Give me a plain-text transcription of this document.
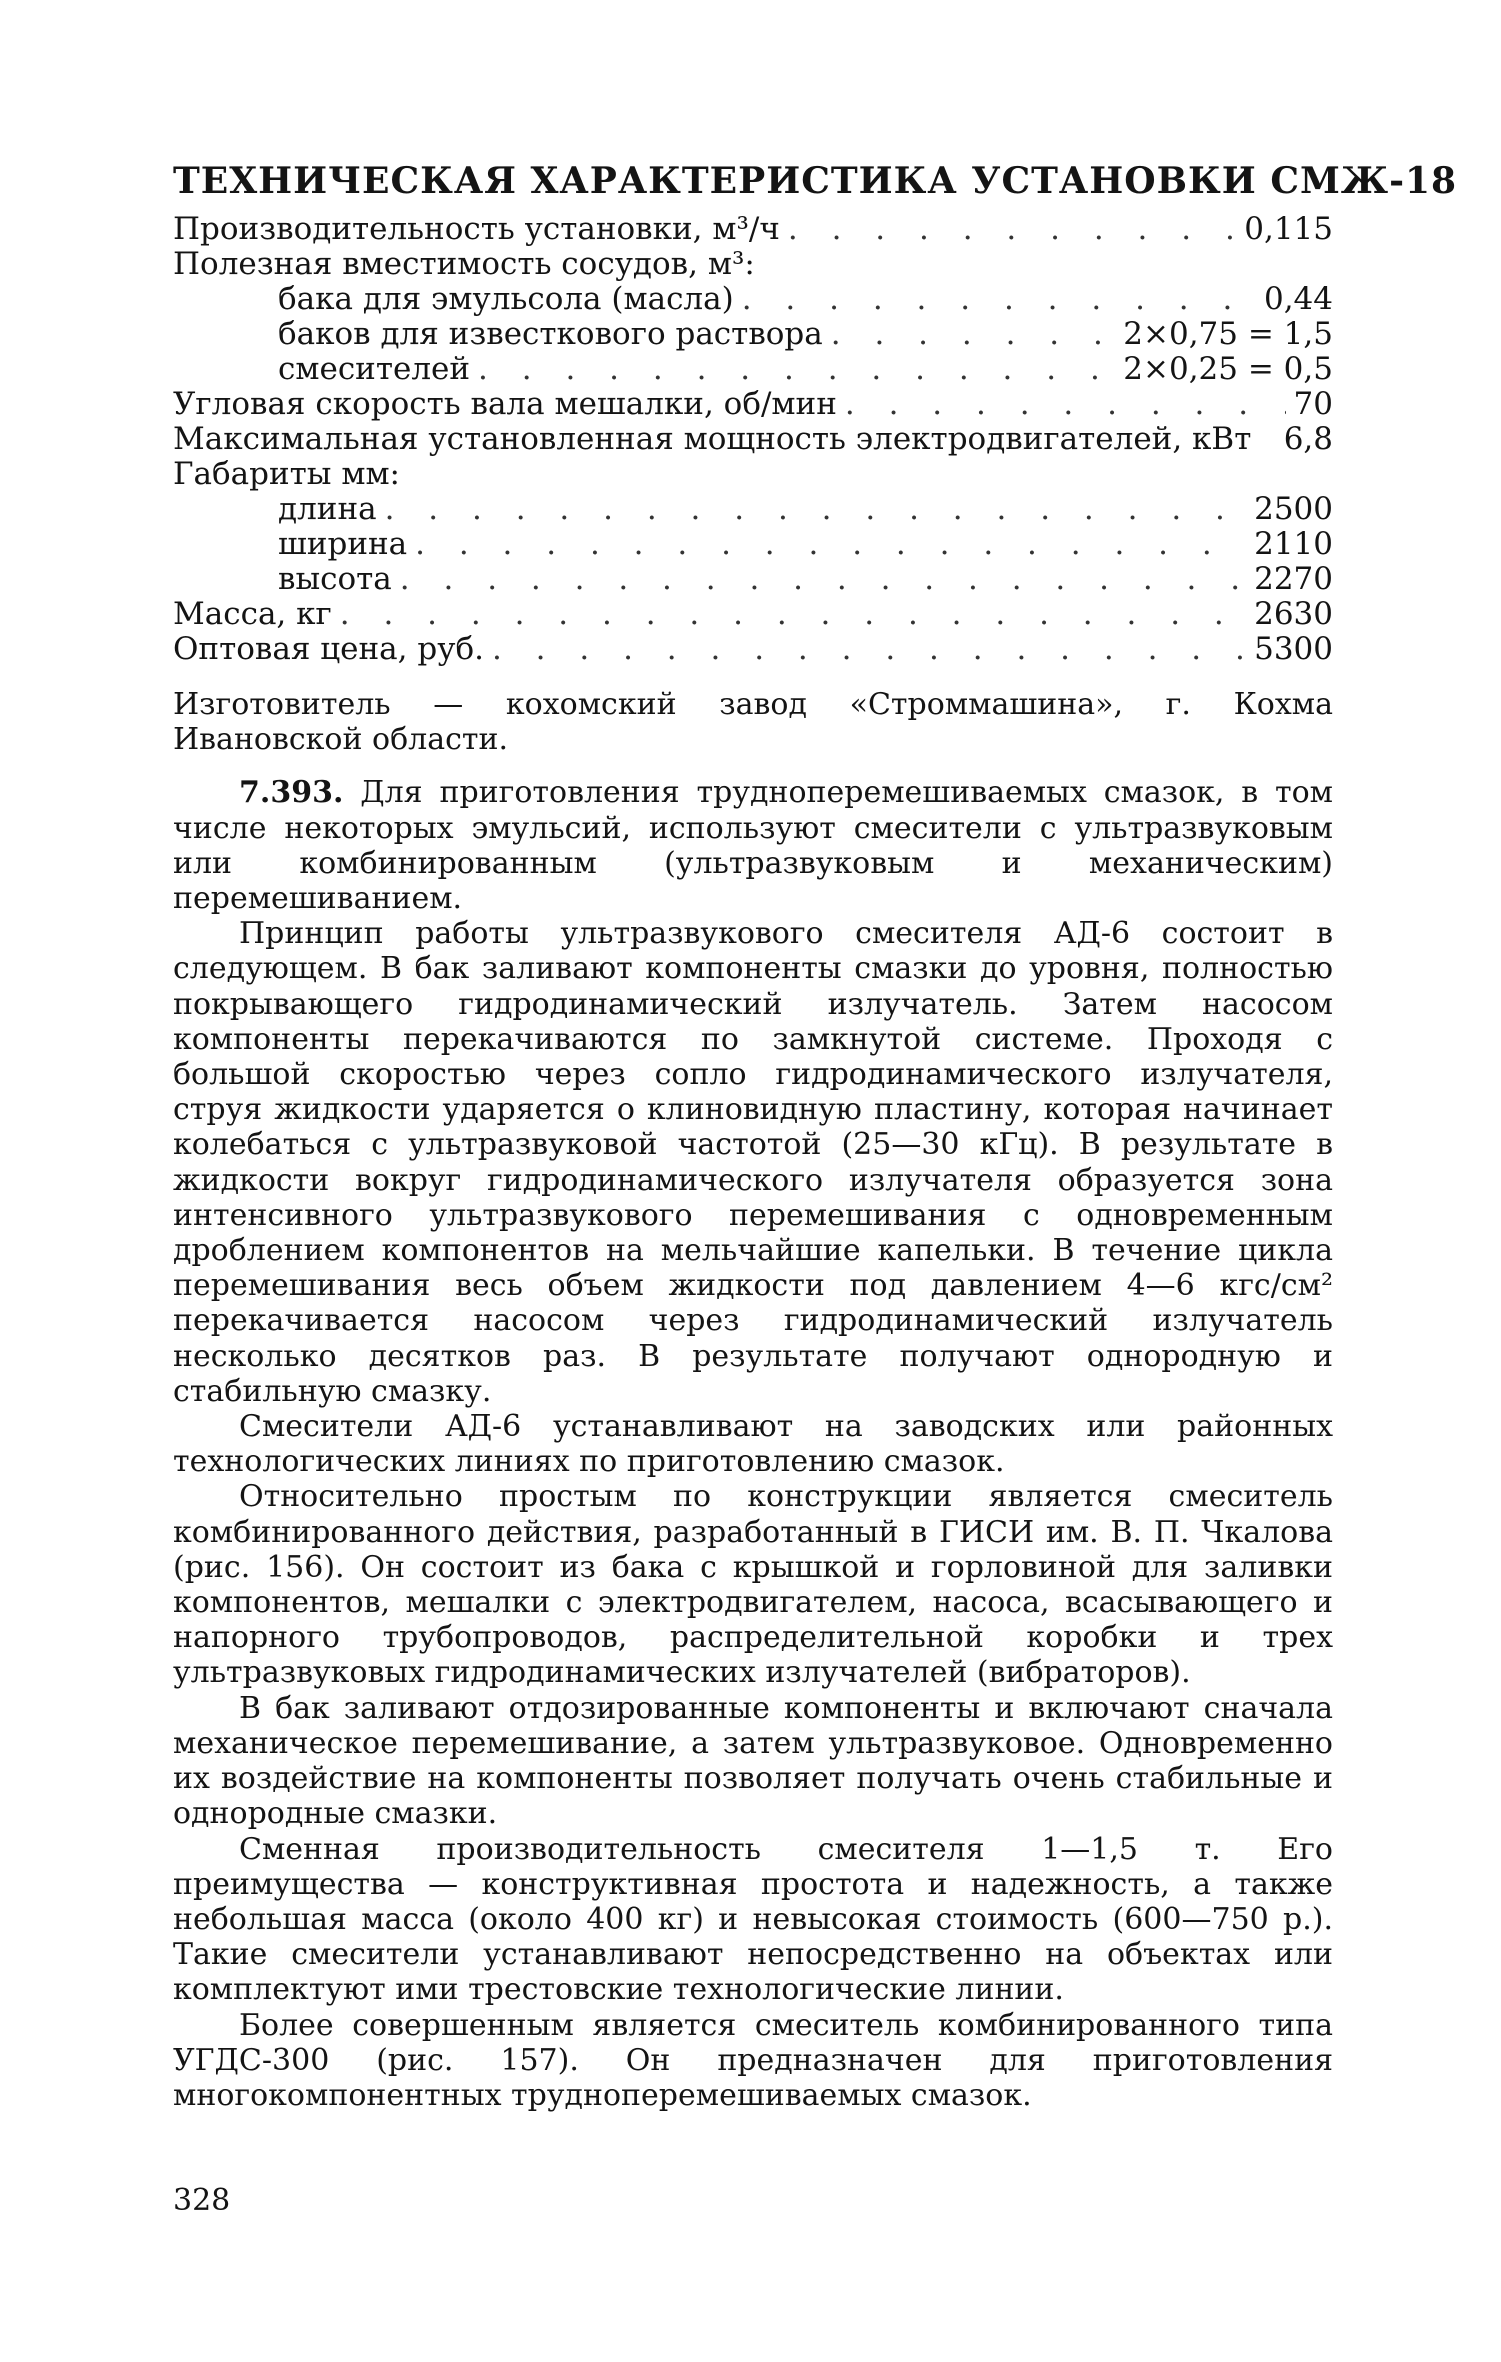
ТЕХНИЧЕСКАЯ ХАРАКТЕРИСТИКА УСТАНОВКИ СМЖ-18
Производительность установки, м³/ч . . .	0,115
Полезная вместимость сосудов, м³:
бака для эмульсола (масла) . . .	0,44
баков для известкового раствора . . .	2×0,75 = 1,5
смесителей . . .	2×0,25 = 0,5
Угловая скорость вала мешалки, об/мин . . .	70
Максимальная установленная мощность электродвигателей, кВт	6,8
Габариты мм:
длина . . .	2500
ширина . . .	2110
высота . . .	2270
Масса, кг . . .	2630
Оптовая цена, руб. . . .	5300

Изготовитель — кохомский завод «Строммашина», г. Кохма Ивановской области.

7.393. Для приготовления трудноперемешиваемых смазок, в том числе некоторых эмульсий, используют смесители с ультразвуковым или комбинированным (ультразвуковым и механическим) перемешиванием.

Принцип работы ультразвукового смесителя АД-6 состоит в следующем. В бак заливают компоненты смазки до уровня, полностью покрывающего гидродинамический излучатель. Затем насосом компоненты перекачиваются по замкнутой системе. Проходя с большой скоростью через сопло гидродинамического излучателя, струя жидкости ударяется о клиновидную пластину, которая начинает колебаться с ультразвуковой частотой (25—30 кГц). В результате в жидкости вокруг гидродинамического излучателя образуется зона интенсивного ультразвукового перемешивания с одновременным дроблением компонентов на мельчайшие капельки. В течение цикла перемешивания весь объем жидкости под давлением 4—6 кгс/см² перекачивается насосом через гидродинамический излучатель несколько десятков раз. В результате получают однородную и стабильную смазку.

Смесители АД-6 устанавливают на заводских или районных технологических линиях по приготовлению смазок.

Относительно простым по конструкции является смеситель комбинированного действия, разработанный в ГИСИ им. В. П. Чкалова (рис. 156). Он состоит из бака с крышкой и горловиной для заливки компонентов, мешалки с электродвигателем, насоса, всасывающего и напорного трубопроводов, распределительной коробки и трех ультразвуковых гидродинамических излучателей (вибраторов).

В бак заливают отдозированные компоненты и включают сначала механическое перемешивание, а затем ультразвуковое. Одновременно их воздействие на компоненты позволяет получать очень стабильные и однородные смазки.

Сменная производительность смесителя 1—1,5 т. Его преимущества — конструктивная простота и надежность, а также небольшая масса (около 400 кг) и невысокая стоимость (600—750 р.). Такие смесители устанавливают непосредственно на объектах или комплектуют ими трестовские технологические линии.

Более совершенным является смеситель комбинированного типа УГДС-300 (рис. 157). Он предназначен для приготовления многокомпонентных трудноперемешиваемых смазок.

328
